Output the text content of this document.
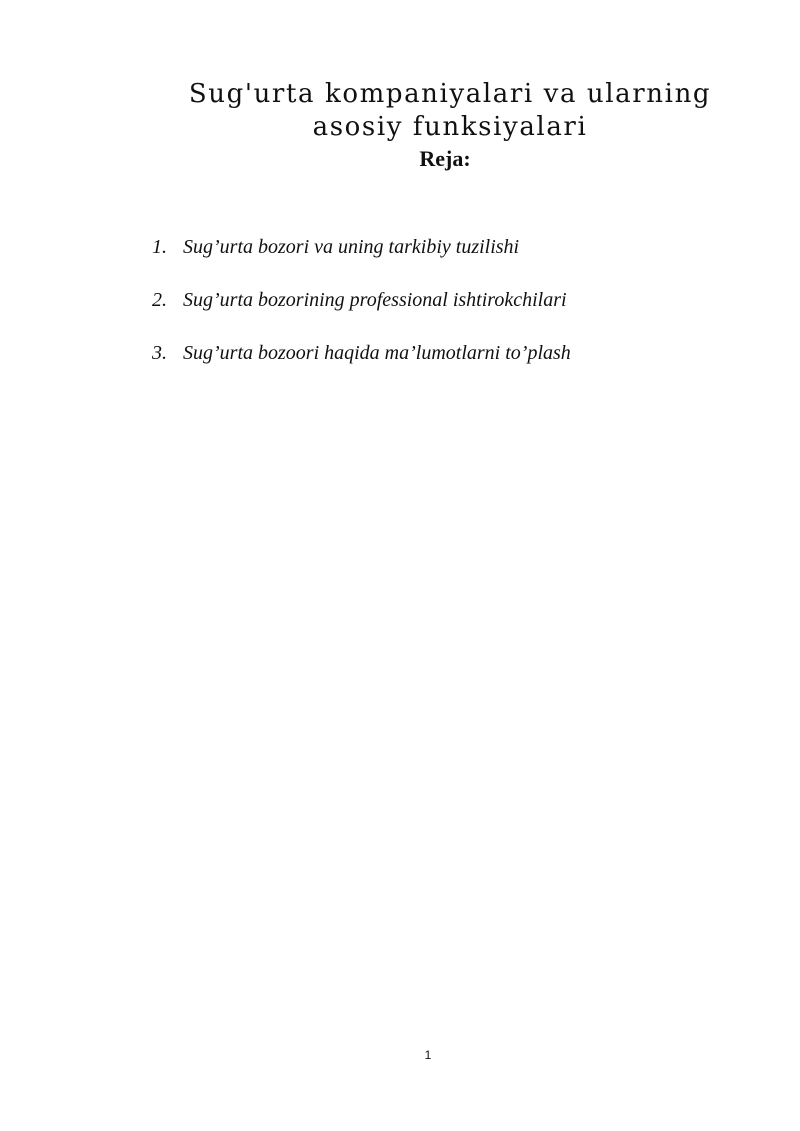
Sug'urta kompaniyalari va ularning asosiy funksiyalari
Reja:
1. Sug’urta bozori va uning tarkibiy tuzilishi
2. Sug’urta bozorining professional ishtirokchilari
3. Sug’urta bozoori haqida ma’lumotlarni to’plash
1
